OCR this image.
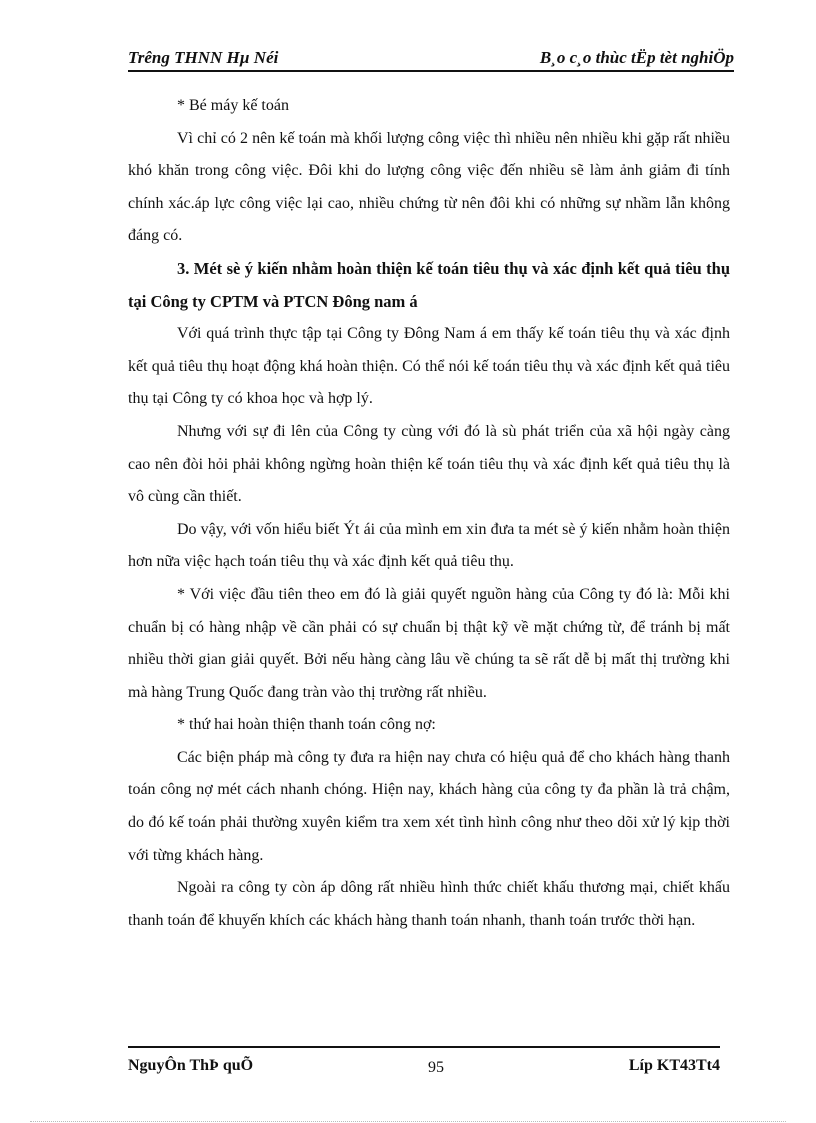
Trêng THNN Hµ Néi	B¸o c¸o thùc tËp tèt nghiÖp

* Bé máy kế toán

Vì chỉ có 2 nên kế toán mà khối lượng công việc thì nhiều nên nhiều khi gặp rất nhiều khó khăn trong công việc. Đôi khi do lượng công việc đến nhiều sẽ làm ảnh giảm đi tính chính xác.áp lực công việc lại cao, nhiều chứng từ nên đôi khi có những sự nhầm lẫn không đáng có.

3. Mét sè ý kiến nhằm hoàn thiện kế toán tiêu thụ và xác định kết quả tiêu thụ tại Công ty CPTM và PTCN Đông nam á

Với quá trình thực tập tại Công ty Đông Nam á em thấy kế toán tiêu thụ và xác định kết quả tiêu thụ hoạt động khá hoàn thiện. Có thể nói kế toán tiêu thụ và xác định kết quả tiêu thụ tại Công ty có khoa học và hợp lý.

Nhưng với sự đi lên của Công ty cùng với đó là sù phát triển của xã hội ngày càng cao nên đòi hỏi phải không ngừng hoàn thiện kế toán tiêu thụ và xác định kết quả tiêu thụ là vô cùng cần thiết.

Do vậy, với vốn hiểu biết Ýt ái của mình em xin đưa ta mét sè ý kiến nhằm hoàn thiện hơn nữa việc hạch toán tiêu thụ và xác định kết quả tiêu thụ.

* Với việc đầu tiên theo em đó là giải quyết nguồn hàng của Công ty đó là: Mỗi khi chuẩn bị có hàng nhập về cần phải có sự chuẩn bị thật kỹ về mặt chứng từ, để tránh bị mất nhiều thời gian giải quyết. Bởi nếu hàng càng lâu về chúng ta sẽ rất dễ bị mất thị trường khi mà hàng Trung Quốc đang tràn vào thị trường rất nhiều.

* thứ hai hoàn thiện thanh toán công nợ:

Các biện pháp mà công ty đưa ra hiện nay chưa có hiệu quả để cho khách hàng thanh toán công nợ mét cách nhanh chóng. Hiện nay, khách hàng của công ty đa phần là trả chậm, do đó kế toán phải thường xuyên kiểm tra xem xét tình hình công như theo dõi xử lý kịp thời với từng khách hàng.

Ngoài ra công ty còn áp dông rất nhiều hình thức chiết khấu thương mại, chiết khấu thanh toán để khuyến khích các khách hàng thanh toán nhanh, thanh toán trước thời hạn.

NguyÔn ThÞ quÕ	95	Líp KT43Tt4
